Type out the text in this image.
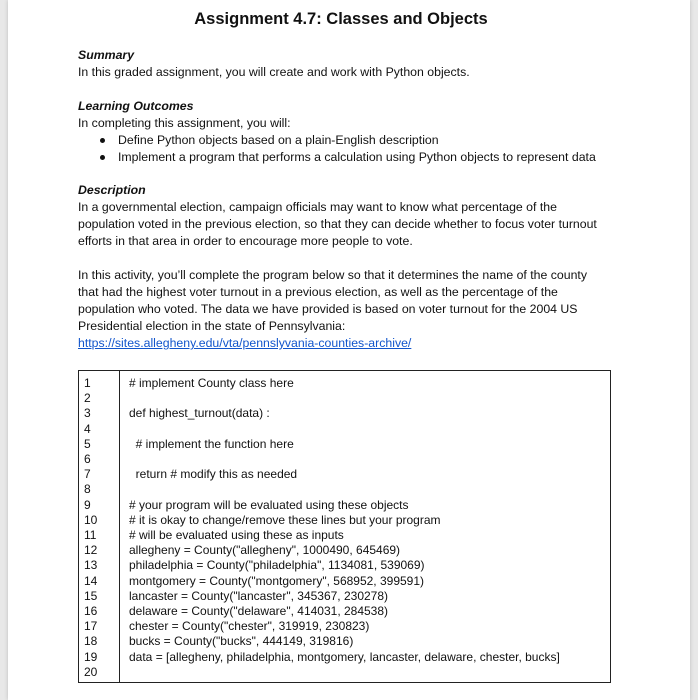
Assignment 4.7: Classes and Objects
Summary
In this graded assignment, you will create and work with Python objects.
Learning Outcomes
In completing this assignment, you will:
Define Python objects based on a plain-English description
Implement a program that performs a calculation using Python objects to represent data
Description
In a governmental election, campaign officials may want to know what percentage of the
population voted in the previous election, so that they can decide whether to focus voter turnout
efforts in that area in order to encourage more people to vote.
In this activity, you’ll complete the program below so that it determines the name of the county
that had the highest voter turnout in a previous election, as well as the percentage of the
population who voted. The data we have provided is based on voter turnout for the 2004 US
Presidential election in the state of Pennsylvania:
https://sites.allegheny.edu/vta/pennslyvania-counties-archive/
1
2
3
4
5
6
7
8
9
10
11
12
13
14
15
16
17
18
19
20
# implement County class here
def highest_turnout(data) :
# implement the function here
return # modify this as needed
# your program will be evaluated using these objects
# it is okay to change/remove these lines but your program
# will be evaluated using these as inputs
allegheny = County("allegheny", 1000490, 645469)
philadelphia = County("philadelphia", 1134081, 539069)
montgomery = County("montgomery", 568952, 399591)
lancaster = County("lancaster", 345367, 230278)
delaware = County("delaware", 414031, 284538)
chester = County("chester", 319919, 230823)
bucks = County("bucks", 444149, 319816)
data = [allegheny, philadelphia, montgomery, lancaster, delaware, chester, bucks]
